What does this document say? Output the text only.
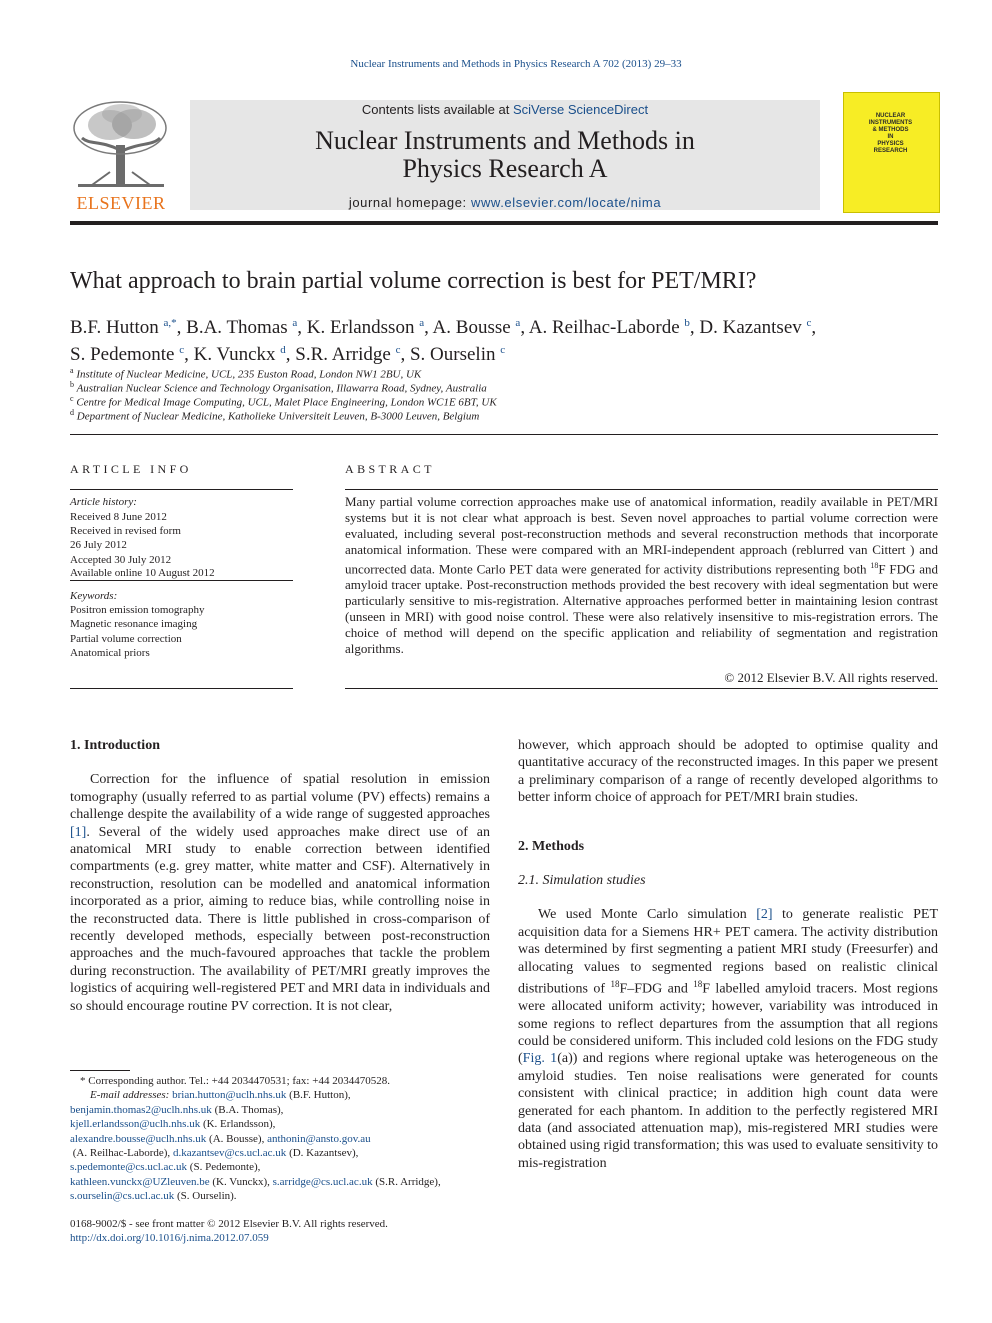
Nuclear Instruments and Methods in Physics Research A 702 (2013) 29–33
ELSEVIER
Contents lists available at SciVerse ScienceDirect
Nuclear Instruments and Methods in
Physics Research A
journal homepage: www.elsevier.com/locate/nima
NUCLEAR
INSTRUMENTS
& METHODS
IN
PHYSICS
RESEARCH
What approach to brain partial volume correction is best for PET/MRI?
B.F. Hutton $^{a,*}$, B.A. Thomas $^a$, K. Erlandsson $^a$, A. Bousse $^a$, A. Reilhac-Laborde $^b$, D. Kazantsev $^c$,
S. Pedemonte $^c$, K. Vunckx $^d$, S.R. Arridge $^c$, S. Ourselin $^c$
$^a$ Institute of Nuclear Medicine, UCL, 235 Euston Road, London NW1 2BU, UK
$^b$ Australian Nuclear Science and Technology Organisation, Illawarra Road, Sydney, Australia
$^c$ Centre for Medical Image Computing, UCL, Malet Place Engineering, London WC1E 6BT, UK
$^d$ Department of Nuclear Medicine, Katholieke Universiteit Leuven, B-3000 Leuven, Belgium
ARTICLE INFO
Article history:
Received 8 June 2012
Received in revised form
26 July 2012
Accepted 30 July 2012
Available online 10 August 2012
Keywords:
Positron emission tomography
Magnetic resonance imaging
Partial volume correction
Anatomical priors
ABSTRACT
Many partial volume correction approaches make use of anatomical information, readily available in PET/MRI systems but it is not clear what approach is best. Seven novel approaches to partial volume correction were evaluated, including several post-reconstruction methods and several reconstruction methods that incorporate anatomical information. These were compared with an MRI-independent approach (reblurred van Cittert ) and uncorrected data. Monte Carlo PET data were generated for activity distributions representing both $^{18}$F FDG and amyloid tracer uptake. Post-reconstruction methods provided the best recovery with ideal segmentation but were particularly sensitive to mis-registration. Alternative approaches performed better in maintaining lesion contrast (unseen in MRI) with good noise control. These were also relatively insensitive to mis-registration errors. The choice of method will depend on the specific application and reliability of segmentation and registration algorithms.
© 2012 Elsevier B.V. All rights reserved.

1. Introduction

Correction for the influence of spatial resolution in emission tomography (usually referred to as partial volume (PV) effects) remains a challenge despite the availability of a wide range of suggested approaches [1]. Several of the widely used approaches make direct use of an anatomical MRI study to enable correction between identified compartments (e.g. grey matter, white matter and CSF). Alternatively in reconstruction, resolution can be modelled and anatomical information incorporated as a prior, aiming to reduce bias, while controlling noise in the reconstructed data. There is little published in cross-comparison of recently developed methods, especially between post-reconstruction approaches and the much-favoured approaches that tackle the problem during reconstruction. The availability of PET/MRI greatly improves the logistics of acquiring well-registered PET and MRI data in individuals and so should encourage routine PV correction. It is not clear,

* Corresponding author. Tel.: +44 2034470531; fax: +44 2034470528.
E-mail addresses: brian.hutton@uclh.nhs.uk (B.F. Hutton),
benjamin.thomas2@uclh.nhs.uk (B.A. Thomas),
kjell.erlandsson@uclh.nhs.uk (K. Erlandsson),
alexandre.bousse@uclh.nhs.uk (A. Bousse), anthonin@ansto.gov.au
(A. Reilhac-Laborde), d.kazantsev@cs.ucl.ac.uk (D. Kazantsev),
s.pedemonte@cs.ucl.ac.uk (S. Pedemonte),
kathleen.vunckx@UZleuven.be (K. Vunckx), s.arridge@cs.ucl.ac.uk (S.R. Arridge),
s.ourselin@cs.ucl.ac.uk (S. Ourselin).
0168-9002/$ - see front matter © 2012 Elsevier B.V. All rights reserved.
http://dx.doi.org/10.1016/j.nima.2012.07.059

however, which approach should be adopted to optimise quality and quantitative accuracy of the reconstructed images. In this paper we present a preliminary comparison of a range of recently developed algorithms to better inform choice of approach for PET/MRI brain studies.

2. Methods

2.1. Simulation studies

We used Monte Carlo simulation [2] to generate realistic PET acquisition data for a Siemens HR+ PET camera. The activity distribution was determined by first segmenting a patient MRI study (Freesurfer) and allocating values to segmented regions based on realistic clinical distributions of $^{18}$F–FDG and $^{18}$F labelled amyloid tracers. Most regions were allocated uniform activity; however, variability was introduced in some regions to reflect departures from the assumption that all regions could be considered uniform. This included cold lesions on the FDG study (Fig. 1(a)) and regions where regional uptake was heterogeneous on the amyloid studies. Ten noise realisations were generated for counts consistent with clinical practice; in addition high count data were generated for each phantom. In addition to the perfectly registered MRI data (and associated attenuation map), mis-registered MRI studies were obtained using rigid transformation; this was used to evaluate sensitivity to mis-registration
